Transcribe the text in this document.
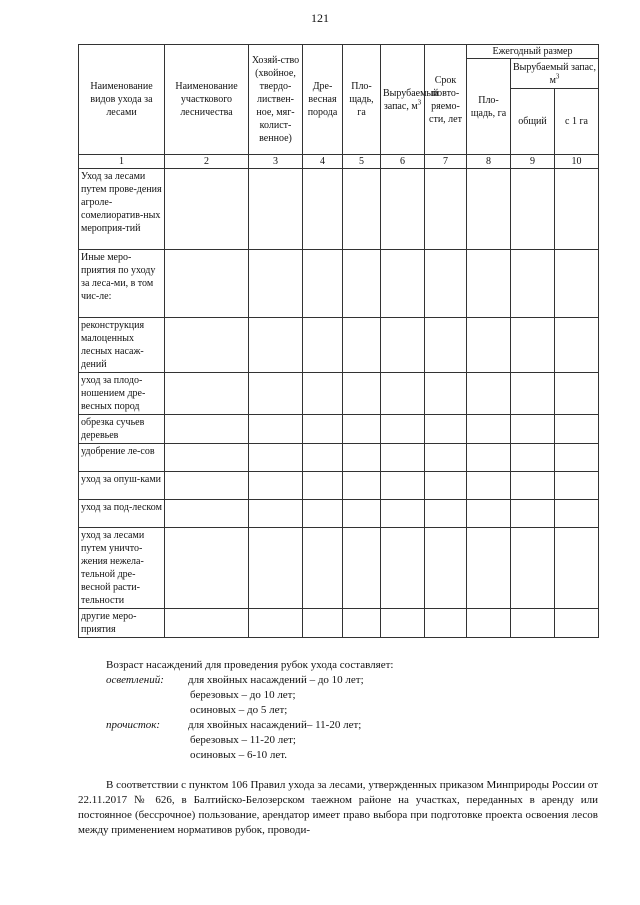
121
Наименование видов ухода за лесами	Наименование участкового лесничества	Хозяй-ство (хвойное, твердо-листвен-ное, мяг-колист-венное)	Дре-весная порода	Пло-щадь, га	Вырубаемый запас, $м^3$	Срок повто-ряемо-сти, лет	Ежегодный размер		
							Пло-щадь, га	Вырубаемый запас, $м^3$
								общий	с 1 га
1	2	3	4	5	6	7	8	9	10
Уход за лесами путем прове-дения агроле-сомелиоратив-ных мероприя-тий									
Иные меро-приятия по уходу за леса-ми, в том чис-ле:									
реконструкция малоценных лесных насаж-дений									
уход за плодо-ношением дре-весных пород									
обрезка сучьев деревьев									
удобрение ле-сов									
уход за опуш-ками									
уход за под-леском									
уход за лесами путем уничто-жения нежела-тельной дре-весной расти-тельности									
другие меро-приятия									
Возраст насаждений для проведения рубок ухода составляет:
осветлений: для хвойных насаждений – до 10 лет;
березовых – до 10 лет;
осиновых – до 5 лет;
прочисток:	для хвойных насаждений– 11-20 лет;
березовых – 11-20 лет;
осиновых – 6-10 лет.
В соответствии с пунктом 106 Правил ухода за лесами, утвержденных приказом Минприроды России от 22.11.2017 № 626, в Балтийско-Белозерском таежном районе на участках, переданных в аренду или постоянное (бессрочное) пользование, арендатор имеет право выбора при подготовке проекта освоения лесов между применением нормативов рубок, проводи-
